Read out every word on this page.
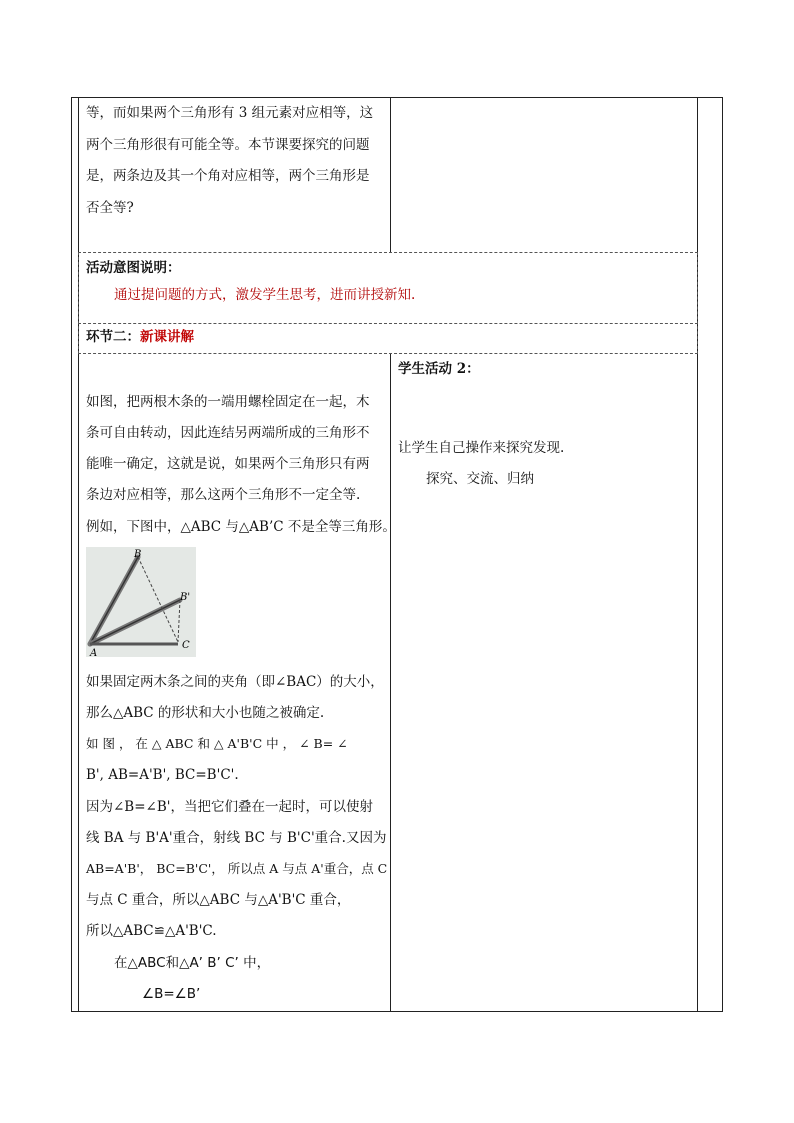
等，而如果两个三角形有 3 组元素对应相等，这
两个三角形很有可能全等。本节课要探究的问题
是，两条边及其一个角对应相等，两个三角形是
否全等?
活动意图说明：
通过提问题的方式，激发学生思考，进而讲授新知.
环节二：新课讲解
如图，把两根木条的一端用螺栓固定在一起，木
条可自由转动，因此连结另两端所成的三角形不
能唯一确定，这就是说，如果两个三角形只有两
条边对应相等，那么这两个三角形不一定全等.
例如，下图中，△ABC 与△AB’C 不是全等三角形。
B
B'
C
A
如果固定两木条之间的夹角（即∠BAC）的大小，
那么△ABC 的形状和大小也随之被确定.
如 图 ， 在 △ ABC 和 △ A'B'C 中 ， ∠ B= ∠
B', AB=A'B', BC=B'C'.
因为∠B=∠B'，当把它们叠在一起时，可以使射
线 BA 与 B'A'重合，射线 BC 与 B'C'重合.又因为
AB=A'B'， BC=B'C'， 所以点 A 与点 A'重合，点 C
与点 C 重合，所以△ABC 与△A'B'C 重合，
所以△ABC≌△A'B'C.
在△ABC和△A’ B’ C’ 中，
∠B=∠B’
学生活动 2：
让学生自己操作来探究发现.
探究、交流、归纳
